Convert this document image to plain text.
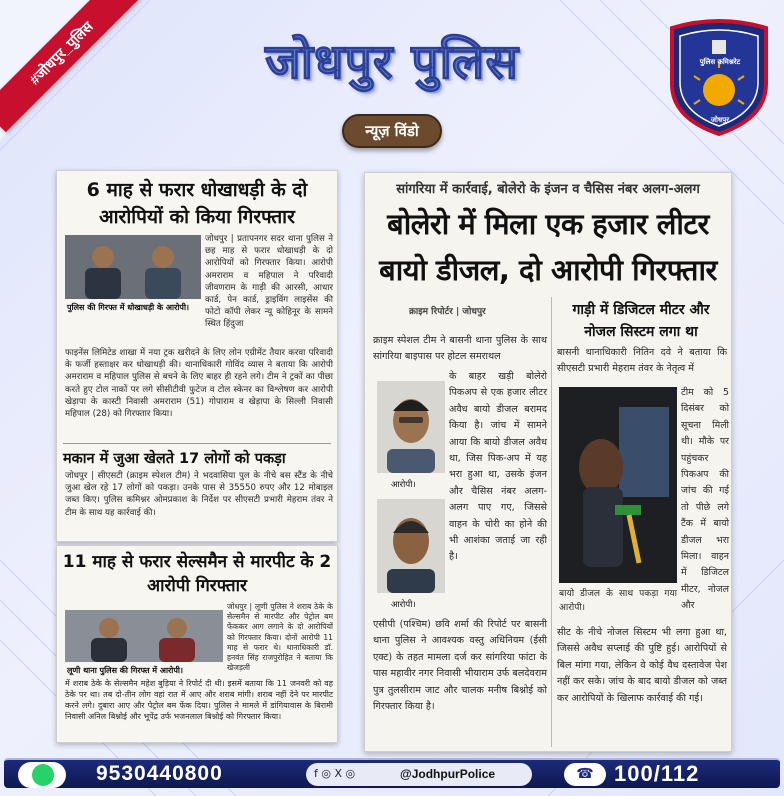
#जोधपुर_पुलिस	जोधपुर पुलिस
न्यूज़ विंडो
पुलिस कमिश्नरेट
जोधपुर
6 माह से फरार धोखाधड़ी के दो आरोपियों को किया गिरफ्तार
पुलिस की गिरफ्त में धोखाधड़ी के आरोपी।
जोधपुर | प्रतापनगर सदर थाना पुलिस ने छह माह से फरार धोखाधड़ी के दो आरोपियों को गिरफ्तार किया। आरोपी अमराराम व महिपाल ने परिवादी जीवणराम के गाड़ी की आरसी, आधार कार्ड, पेन कार्ड, ड्राइविंग लाइसेंस की फोटो कॉपी लेकर न्यू कोहिनूर के सामने स्थित हिंदुजा
फाइनेंस लिमिटेड शाखा में नया ट्रक खरीदने के लिए लोन एग्रीमेंट तैयार करवा परिवादी के फर्जी हस्ताक्षर कर धोखाधड़ी की। थानाधिकारी गोविंद व्यास ने बताया कि आरोपी अमराराम व महिपाल पुलिस से बचने के लिए बाहर ही रहने लगे। टीम ने ट्रकों का पीछा करते हुए टोल नाकों पर लगे सीसीटीवी फुटेज व टोल स्केनर का विश्लेषण कर आरोपी खेड़ापा के कास्टी निवासी अमराराम (51) गोपाराम व खेड़ापा के सिल्ली निवासी महिपाल (28) को गिरफ्तार किया।
मकान में जुआ खेलते 17 लोगों को पकड़ा
जोधपुर | सीएसटी (क्राइम स्पेशल टीम) ने भदवासिया पुल के नीचे बस स्टैंड के नीचे जुआ खेल रहे 17 लोगों को पकड़ा। उनके पास से 35550 रुपए और 12 मोबाइल जब्त किए। पुलिस कमिश्नर ओमप्रकाश के निर्देश पर सीएसटी प्रभारी मेहराम तंवर ने टीम के साथ यह कार्रवाई की।
11 माह से फरार सेल्समैन से मारपीट के 2 आरोपी गिरफ्तार
लूणी थाना पुलिस की गिरफ्त में आरोपी।
जोधपुर | लूणी पुलिस ने शराब ठेके के सेल्समैन से मारपीट और पेट्रोल बम फेंककर आग लगाने के दो आरोपियों को गिरफ्तार किया। दोनों आरोपी 11 माह से फरार थे। थानाधिकारी डॉ. हनवंत सिंह राजपुरोहित ने बताया कि खेजड़ली
में शराब ठेके के सेल्समैन महेश बुड़िया ने रिपोर्ट दी थी। इसमें बताया कि 11 जनवरी को वह ठेके पर था। तब दो-तीन लोग वहां रात में आए और शराब मांगी। शराब नहीं देने पर मारपीट करने लगे। दुबारा आए और पेट्रोल बम फेंक दिया। पुलिस ने मामले में डांगियावास के बिरामी निवासी अनिल बिश्नोई और भूपेंद्र उर्फ भजनलाल बिश्नोई को गिरफ्तार किया।
सांगरिया में कार्रवाई, बोलेरो के इंजन व चैसिस नंबर अलग-अलग
बोलेरो में मिला एक हजार लीटर
बायो डीजल, दो आरोपी गिरफ्तार
क्राइम रिपोर्टर | जोधपुर	गाड़ी में डिजिटल मीटर और नोजल सिस्टम लगा था
क्राइम स्पेशल टीम ने बासनी थाना पुलिस के साथ सांगरिया बाइपास पर होटल समराथल
आरोपी।
आरोपी।
के बाहर खड़ी बोलेरो पिकअप से एक हजार लीटर अवैध बायो डीजल बरामद किया है। जांच में सामने आया कि बायो डीजल अवैध था, जिस पिक-अप में यह भरा हुआ था, उसके इंजन और चैसिस नंबर अलग-अलग पाए गए, जिससे वाहन के चोरी का होने की भी आशंका जताई जा रही है।
एसीपी (पश्चिम) छवि शर्मा की रिपोर्ट पर बासनी थाना पुलिस ने आवश्यक वस्तु अधिनियम (ईसी एक्ट) के तहत मामला दर्ज कर सांगरिया फांटा के पास महावीर नगर निवासी भीयाराम उर्फ बलदेवराम पुत्र तुलसीराम जाट और चालक मनीष बिश्नोई को गिरफ्तार किया है।
बासनी थानाधिकारी नितिन दवे ने बताया कि सीएसटी प्रभारी मेहराम तंवर के नेतृत्व में
बायो डीजल के साथ पकड़ा गया आरोपी।
टीम को 5 दिसंबर को सूचना मिली थी। मौके पर पहुंचकर पिकअप की जांच की गई तो पीछे लगे टैंक में बायो डीजल भरा मिला। वाहन में डिजिटल मीटर, नोजल और
सीट के नीचे नोजल सिस्टम भी लगा हुआ था, जिससे अवैध सप्लाई की पुष्टि हुई। आरोपियों से बिल मांगा गया, लेकिन वे कोई वैध दस्तावेज पेश नहीं कर सके। जांच के बाद बायो डीजल को जब्त कर आरोपियों के खिलाफ कार्रवाई की गई।
9530440800	f ◎ X ◎	@JodhpurPolice	☎ 100/112
